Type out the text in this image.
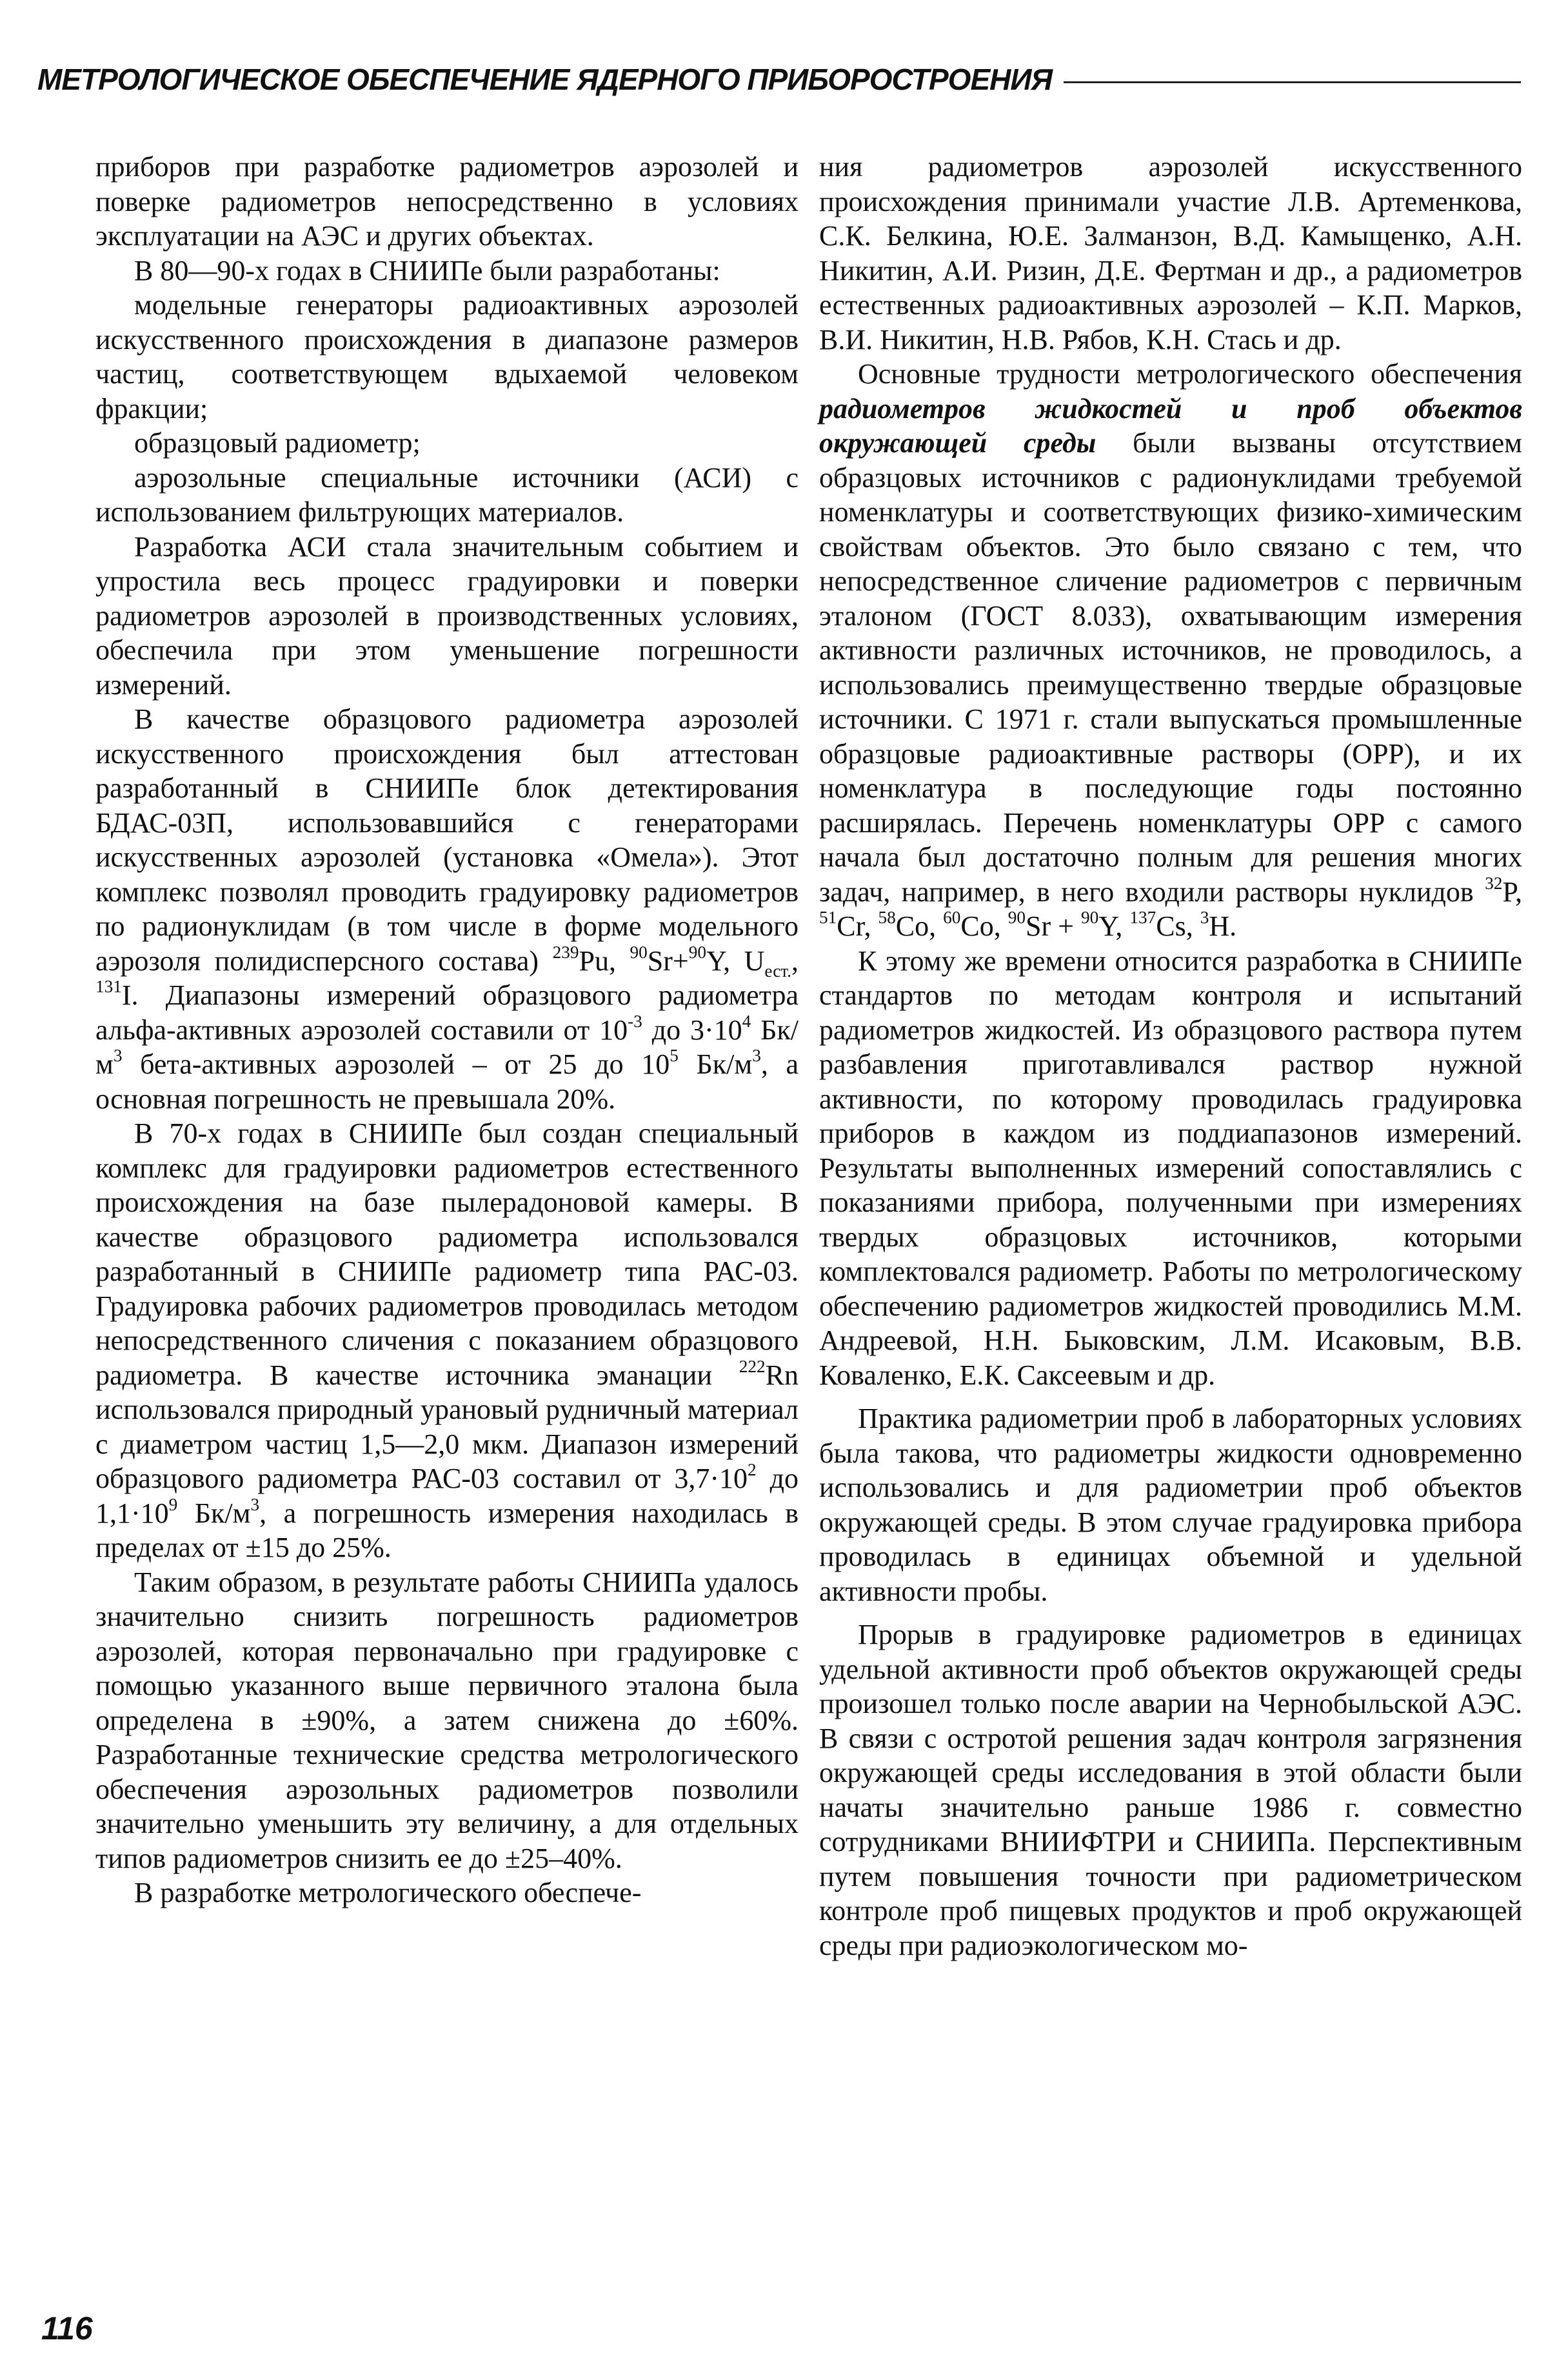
МЕТРОЛОГИЧЕСКОЕ ОБЕСПЕЧЕНИЕ ЯДЕРНОГО ПРИБОРОСТРОЕНИЯ

приборов при разработке радиометров аэрозолей и поверке радиометров непосредственно в условиях эксплуатации на АЭС и других объектах.

В 80—90-х годах в СНИИПе были разработаны:

модельные генераторы радиоактивных аэрозолей искусственного происхождения в диапазоне размеров частиц, соответствующем вдыхаемой человеком фракции;

образцовый радиометр;

аэрозольные специальные источники (АСИ) с использованием фильтрующих материалов.

Разработка АСИ стала значительным событием и упростила весь процесс градуировки и поверки радиометров аэрозолей в производственных условиях, обеспечила при этом уменьшение погрешности измерений.

В качестве образцового радиометра аэрозолей искусственного происхождения был аттестован разработанный в СНИИПе блок детектирования БДАС-03П, использовавшийся с генераторами искусственных аэрозолей (установка «Омела»). Этот комплекс позволял проводить градуировку радиометров по радионуклидам (в том числе в форме модельного аэрозоля полидисперсного состава) $^{239}$Pu, $^{90}$Sr+$^{90}$Y, $U_{ест.}$, $^{131}$I. Диапазоны измерений образцового радиометра альфа-активных аэрозолей составили от $10^{-3}$ до $3\cdot 10^4$ $Бк/м^3$ бета-активных аэрозолей – от 25 до $10^5$ $Бк/м^3$, а основная погрешность не превышала 20%.

В 70-х годах в СНИИПе был создан специальный комплекс для градуировки радиометров естественного происхождения на базе пылерадоновой камеры. В качестве образцового радиометра использовался разработанный в СНИИПе радиометр типа РАС-03. Градуировка рабочих радиометров проводилась методом непосредственного сличения с показанием образцового радиометра. В качестве источника эманации $^{222}$Rn использовался природный урановый рудничный материал с диаметром частиц 1,5—2,0 мкм. Диапазон измерений образцового радиометра РАС-03 составил от $3,7\cdot 10^2$ до $1,1\cdot 10^9$ $Бк/м^3$, а погрешность измерения находилась в пределах от ±15 до 25%.

Таким образом, в результате работы СНИИПа удалось значительно снизить погрешность радиометров аэрозолей, которая первоначально при градуировке с помощью указанного выше первичного эталона была определена в ±90%, а затем снижена до ±60%. Разработанные технические средства метрологического обеспечения аэрозольных радиометров позволили значительно уменьшить эту величину, а для отдельных типов радиометров снизить ее до ±25–40%.

В разработке метрологического обеспече-

ния радиометров аэрозолей искусственного происхождения принимали участие Л.В. Артеменкова, С.К. Белкина, Ю.Е. Залманзон, В.Д. Камыщенко, А.Н. Никитин, А.И. Ризин, Д.Е. Фертман и др., а радиометров естественных радиоактивных аэрозолей – К.П. Марков, В.И. Никитин, Н.В. Рябов, К.Н. Стась и др.

Основные трудности метрологического обеспечения радиометров жидкостей и проб объектов окружающей среды были вызваны отсутствием образцовых источников с радионуклидами требуемой номенклатуры и соответствующих физико-химическим свойствам объектов. Это было связано с тем, что непосредственное сличение радиометров с первичным эталоном (ГОСТ 8.033), охватывающим измерения активности различных источников, не проводилось, а использовались преимущественно твердые образцовые источники. С 1971 г. стали выпускаться промышленные образцовые радиоактивные растворы (ОРР), и их номенклатура в последующие годы постоянно расширялась. Перечень номенклатуры ОРР с самого начала был достаточно полным для решения многих задач, например, в него входили растворы нуклидов $^{32}$P, $^{51}$Cr, $^{58}$Co, $^{60}$Co, $^{90}$Sr + $^{90}$Y, $^{137}$Cs, $^3$H.

К этому же времени относится разработка в СНИИПе стандартов по методам контроля и испытаний радиометров жидкостей. Из образцового раствора путем разбавления приготавливался раствор нужной активности, по которому проводилась градуировка приборов в каждом из поддиапазонов измерений. Результаты выполненных измерений сопоставлялись с показаниями прибора, полученными при измерениях твердых образцовых источников, которыми комплектовался радиометр. Работы по метрологическому обеспечению радиометров жидкостей проводились М.М. Андреевой, Н.Н. Быковским, Л.М. Исаковым, В.В. Коваленко, Е.К. Саксеевым и др.

Практика радиометрии проб в лабораторных условиях была такова, что радиометры жидкости одновременно использовались и для радиометрии проб объектов окружающей среды. В этом случае градуировка прибора проводилась в единицах объемной и удельной активности пробы.

Прорыв в градуировке радиометров в единицах удельной активности проб объектов окружающей среды произошел только после аварии на Чернобыльской АЭС. В связи с остротой решения задач контроля загрязнения окружающей среды исследования в этой области были начаты значительно раньше 1986 г. совместно сотрудниками ВНИИФТРИ и СНИИПа. Перспективным путем повышения точности при радиометрическом контроле проб пищевых продуктов и проб окружающей среды при радиоэкологическом мо-

116
